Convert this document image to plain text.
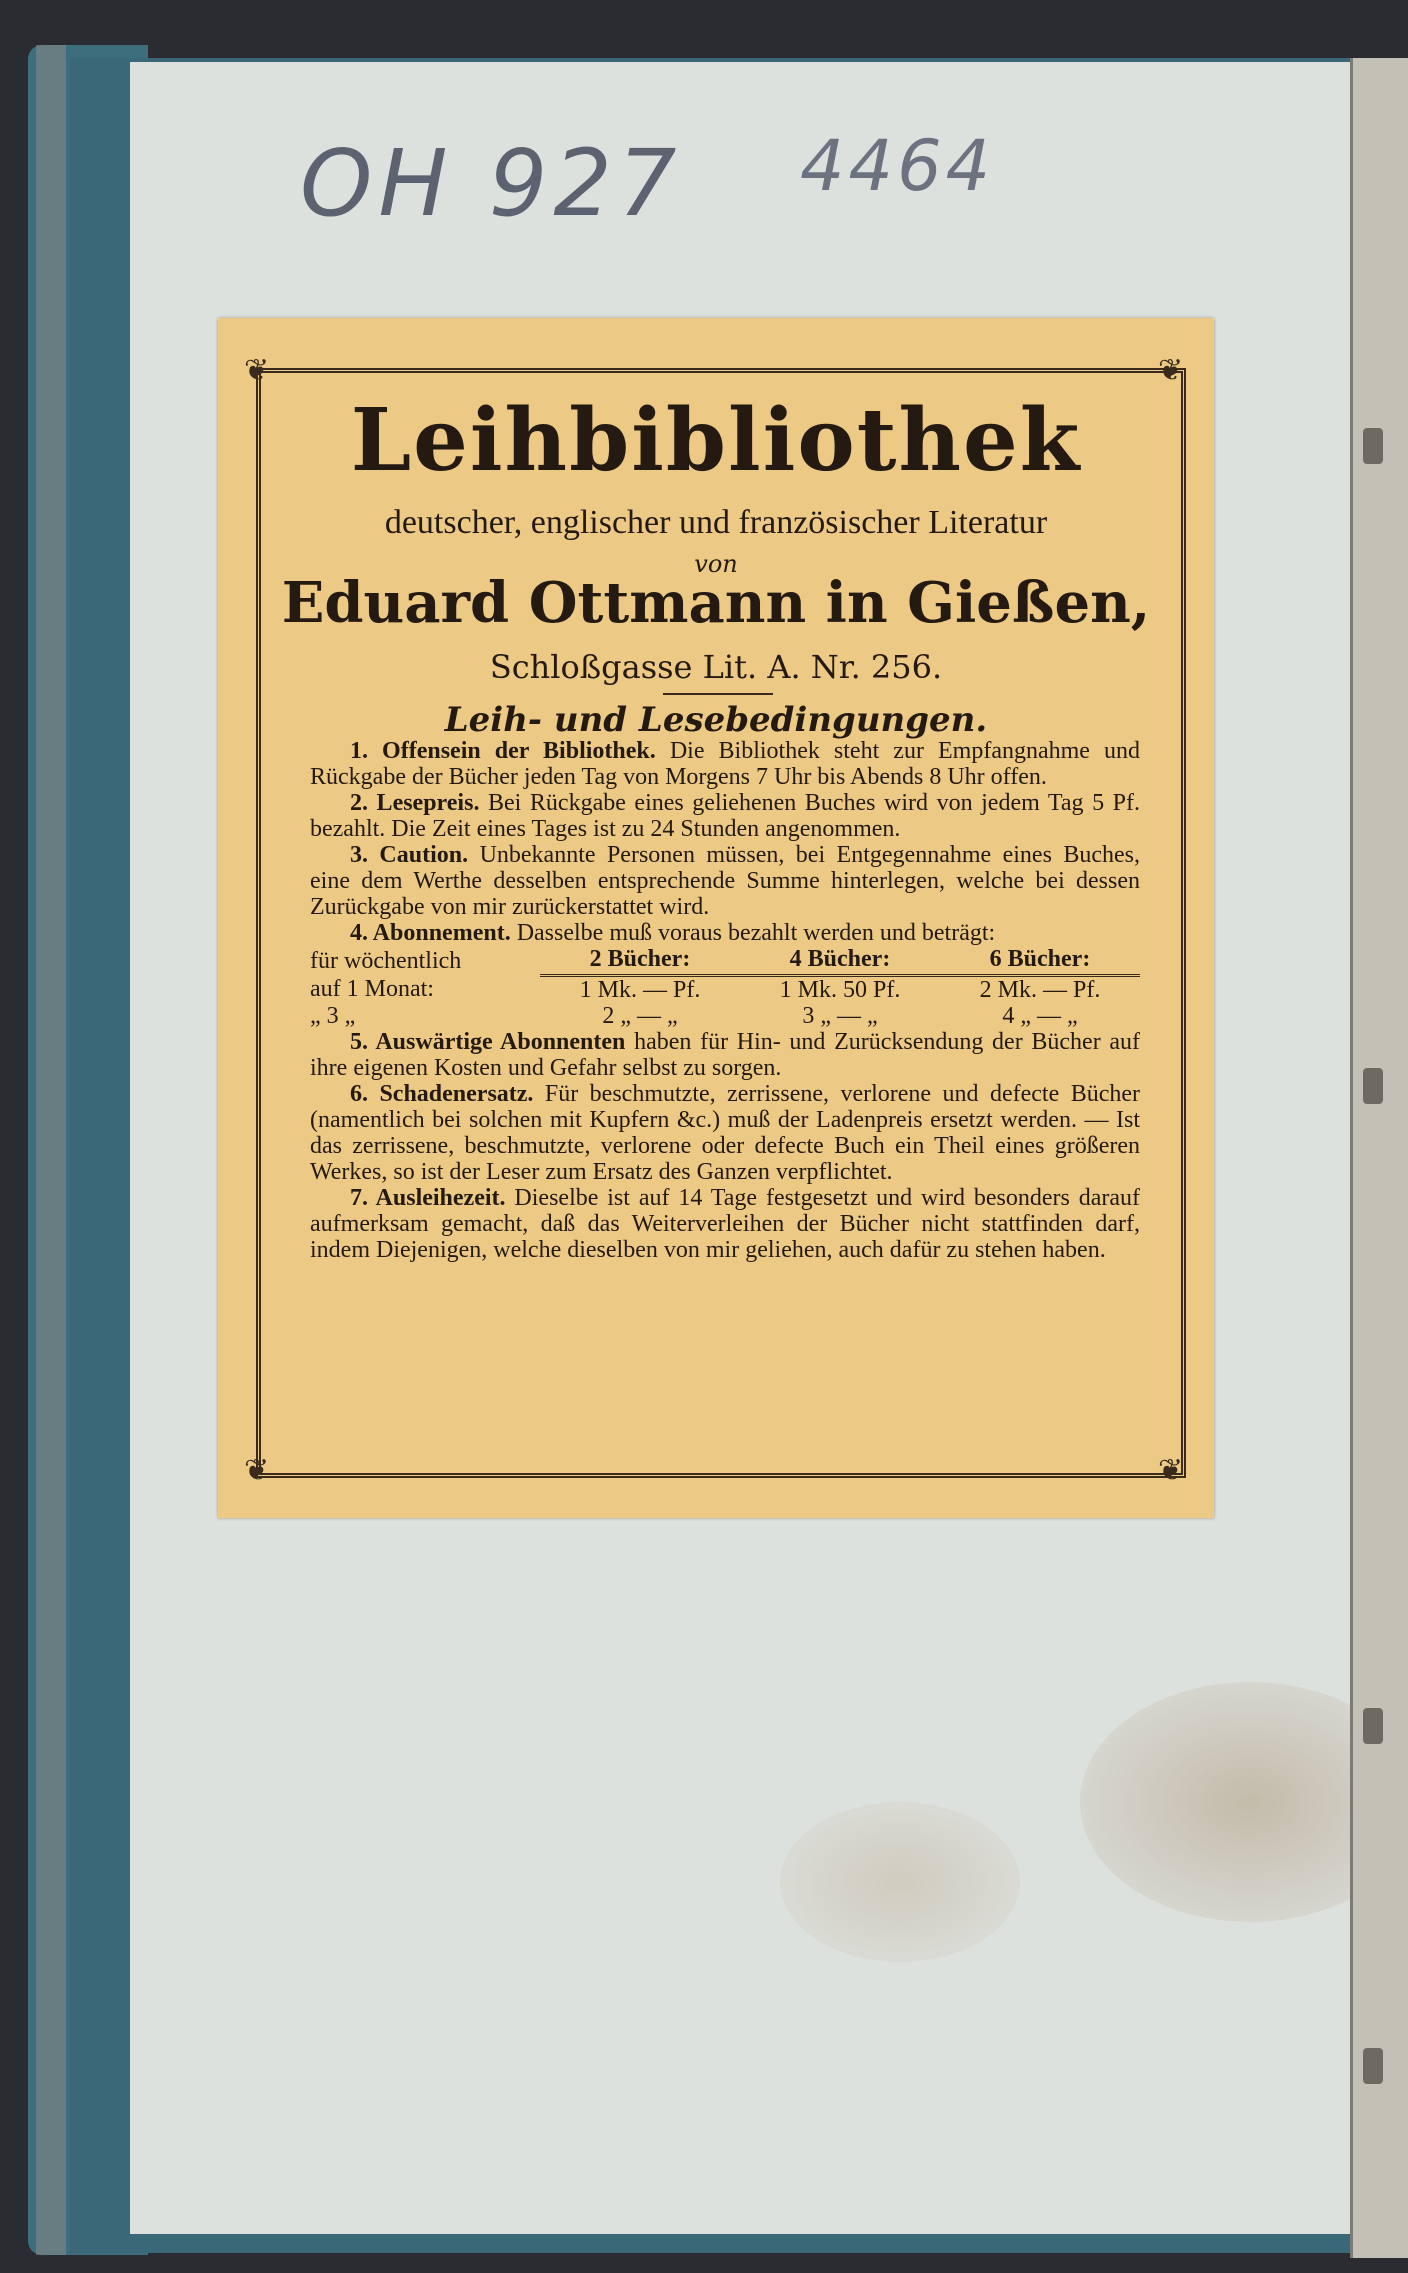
OH 927 4464
❦	❦
❦	❦
Leihbibliothek
deutscher, englischer und französischer Literatur
von
Eduard Ottmann in Gießen,
Schloßgasse Lit. A. Nr. 256.
Leih- und Lesebedingungen.

1. Offensein der Bibliothek. Die Bibliothek steht zur Empfangnahme und Rückgabe der Bücher jeden Tag von Morgens 7 Uhr bis Abends 8 Uhr offen.

2. Lesepreis. Bei Rückgabe eines geliehenen Buches wird von jedem Tag 5 Pf. bezahlt. Die Zeit eines Tages ist zu 24 Stunden angenommen.

3. Caution. Unbekannte Personen müssen, bei Entgegennahme eines Buches, eine dem Werthe desselben entsprechende Summe hinterlegen, welche bei dessen Zurückgabe von mir zurückerstattet wird.

4. Abonnement. Dasselbe muß voraus bezahlt werden und beträgt:

für wöchentlich	2 Bücher:	4 Bücher:	6 Bücher:
auf 1 Monat:	1 Mk. — Pf.	1 Mk. 50 Pf.	2 Mk. — Pf.
„ 3 „	2 „ — „	3 „ — „	4 „ — „

5. Auswärtige Abonnenten haben für Hin- und Zurücksendung der Bücher auf ihre eigenen Kosten und Gefahr selbst zu sorgen.

6. Schadenersatz. Für beschmutzte, zerrissene, verlorene und defecte Bücher (namentlich bei solchen mit Kupfern &c.) muß der Ladenpreis ersetzt werden. — Ist das zerrissene, beschmutzte, verlorene oder defecte Buch ein Theil eines größeren Werkes, so ist der Leser zum Ersatz des Ganzen verpflichtet.

7. Ausleihezeit. Dieselbe ist auf 14 Tage festgesetzt und wird besonders darauf aufmerksam gemacht, daß das Weiterverleihen der Bücher nicht stattfinden darf, indem Diejenigen, welche dieselben von mir geliehen, auch dafür zu stehen haben.
